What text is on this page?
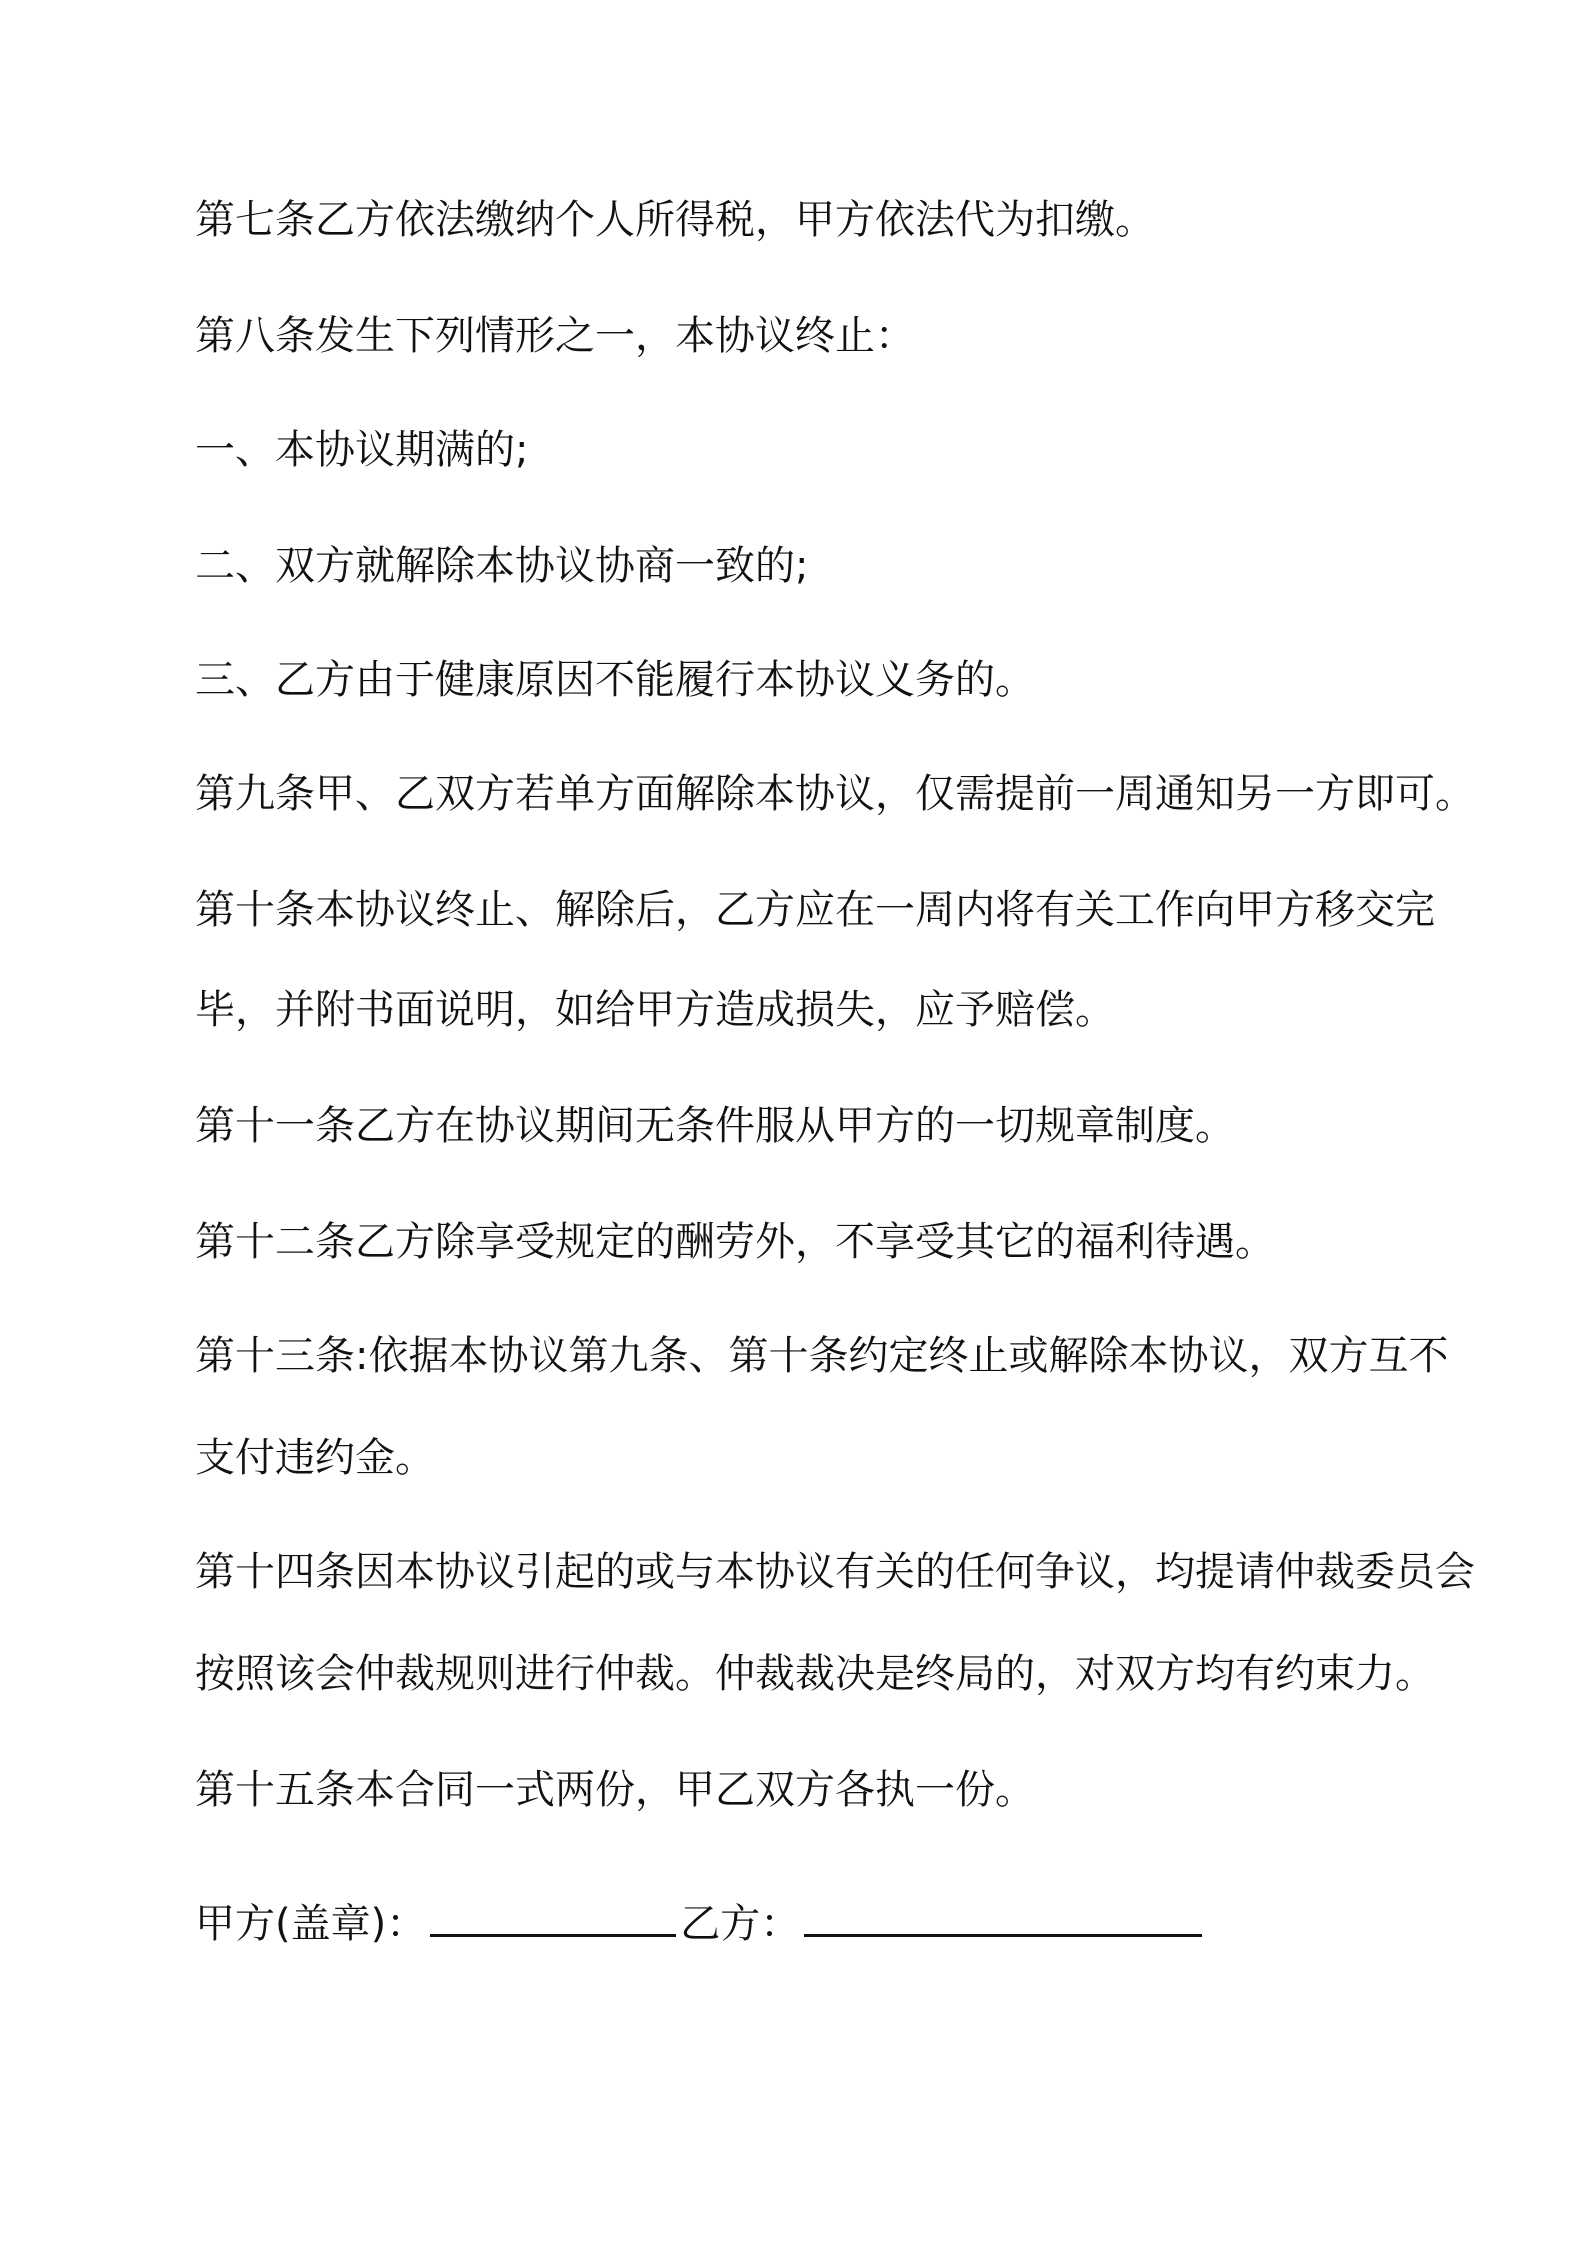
第七条乙方依法缴纳个人所得税，甲方依法代为扣缴。
第八条发生下列情形之一，本协议终止：
一、本协议期满的;
二、双方就解除本协议协商一致的;
三、乙方由于健康原因不能履行本协议义务的。
第九条甲、乙双方若单方面解除本协议，仅需提前一周通知另一方即可。
第十条本协议终止、解除后，乙方应在一周内将有关工作向甲方移交完
毕，并附书面说明，如给甲方造成损失，应予赔偿。
第十一条乙方在协议期间无条件服从甲方的一切规章制度。
第十二条乙方除享受规定的酬劳外，不享受其它的福利待遇。
第十三条:依据本协议第九条、第十条约定终止或解除本协议，双方互不
支付违约金。
第十四条因本协议引起的或与本协议有关的任何争议，均提请仲裁委员会
按照该会仲裁规则进行仲裁。仲裁裁决是终局的，对双方均有约束力。
第十五条本合同一式两份，甲乙双方各执一份。
甲方(盖章)：	乙方：
